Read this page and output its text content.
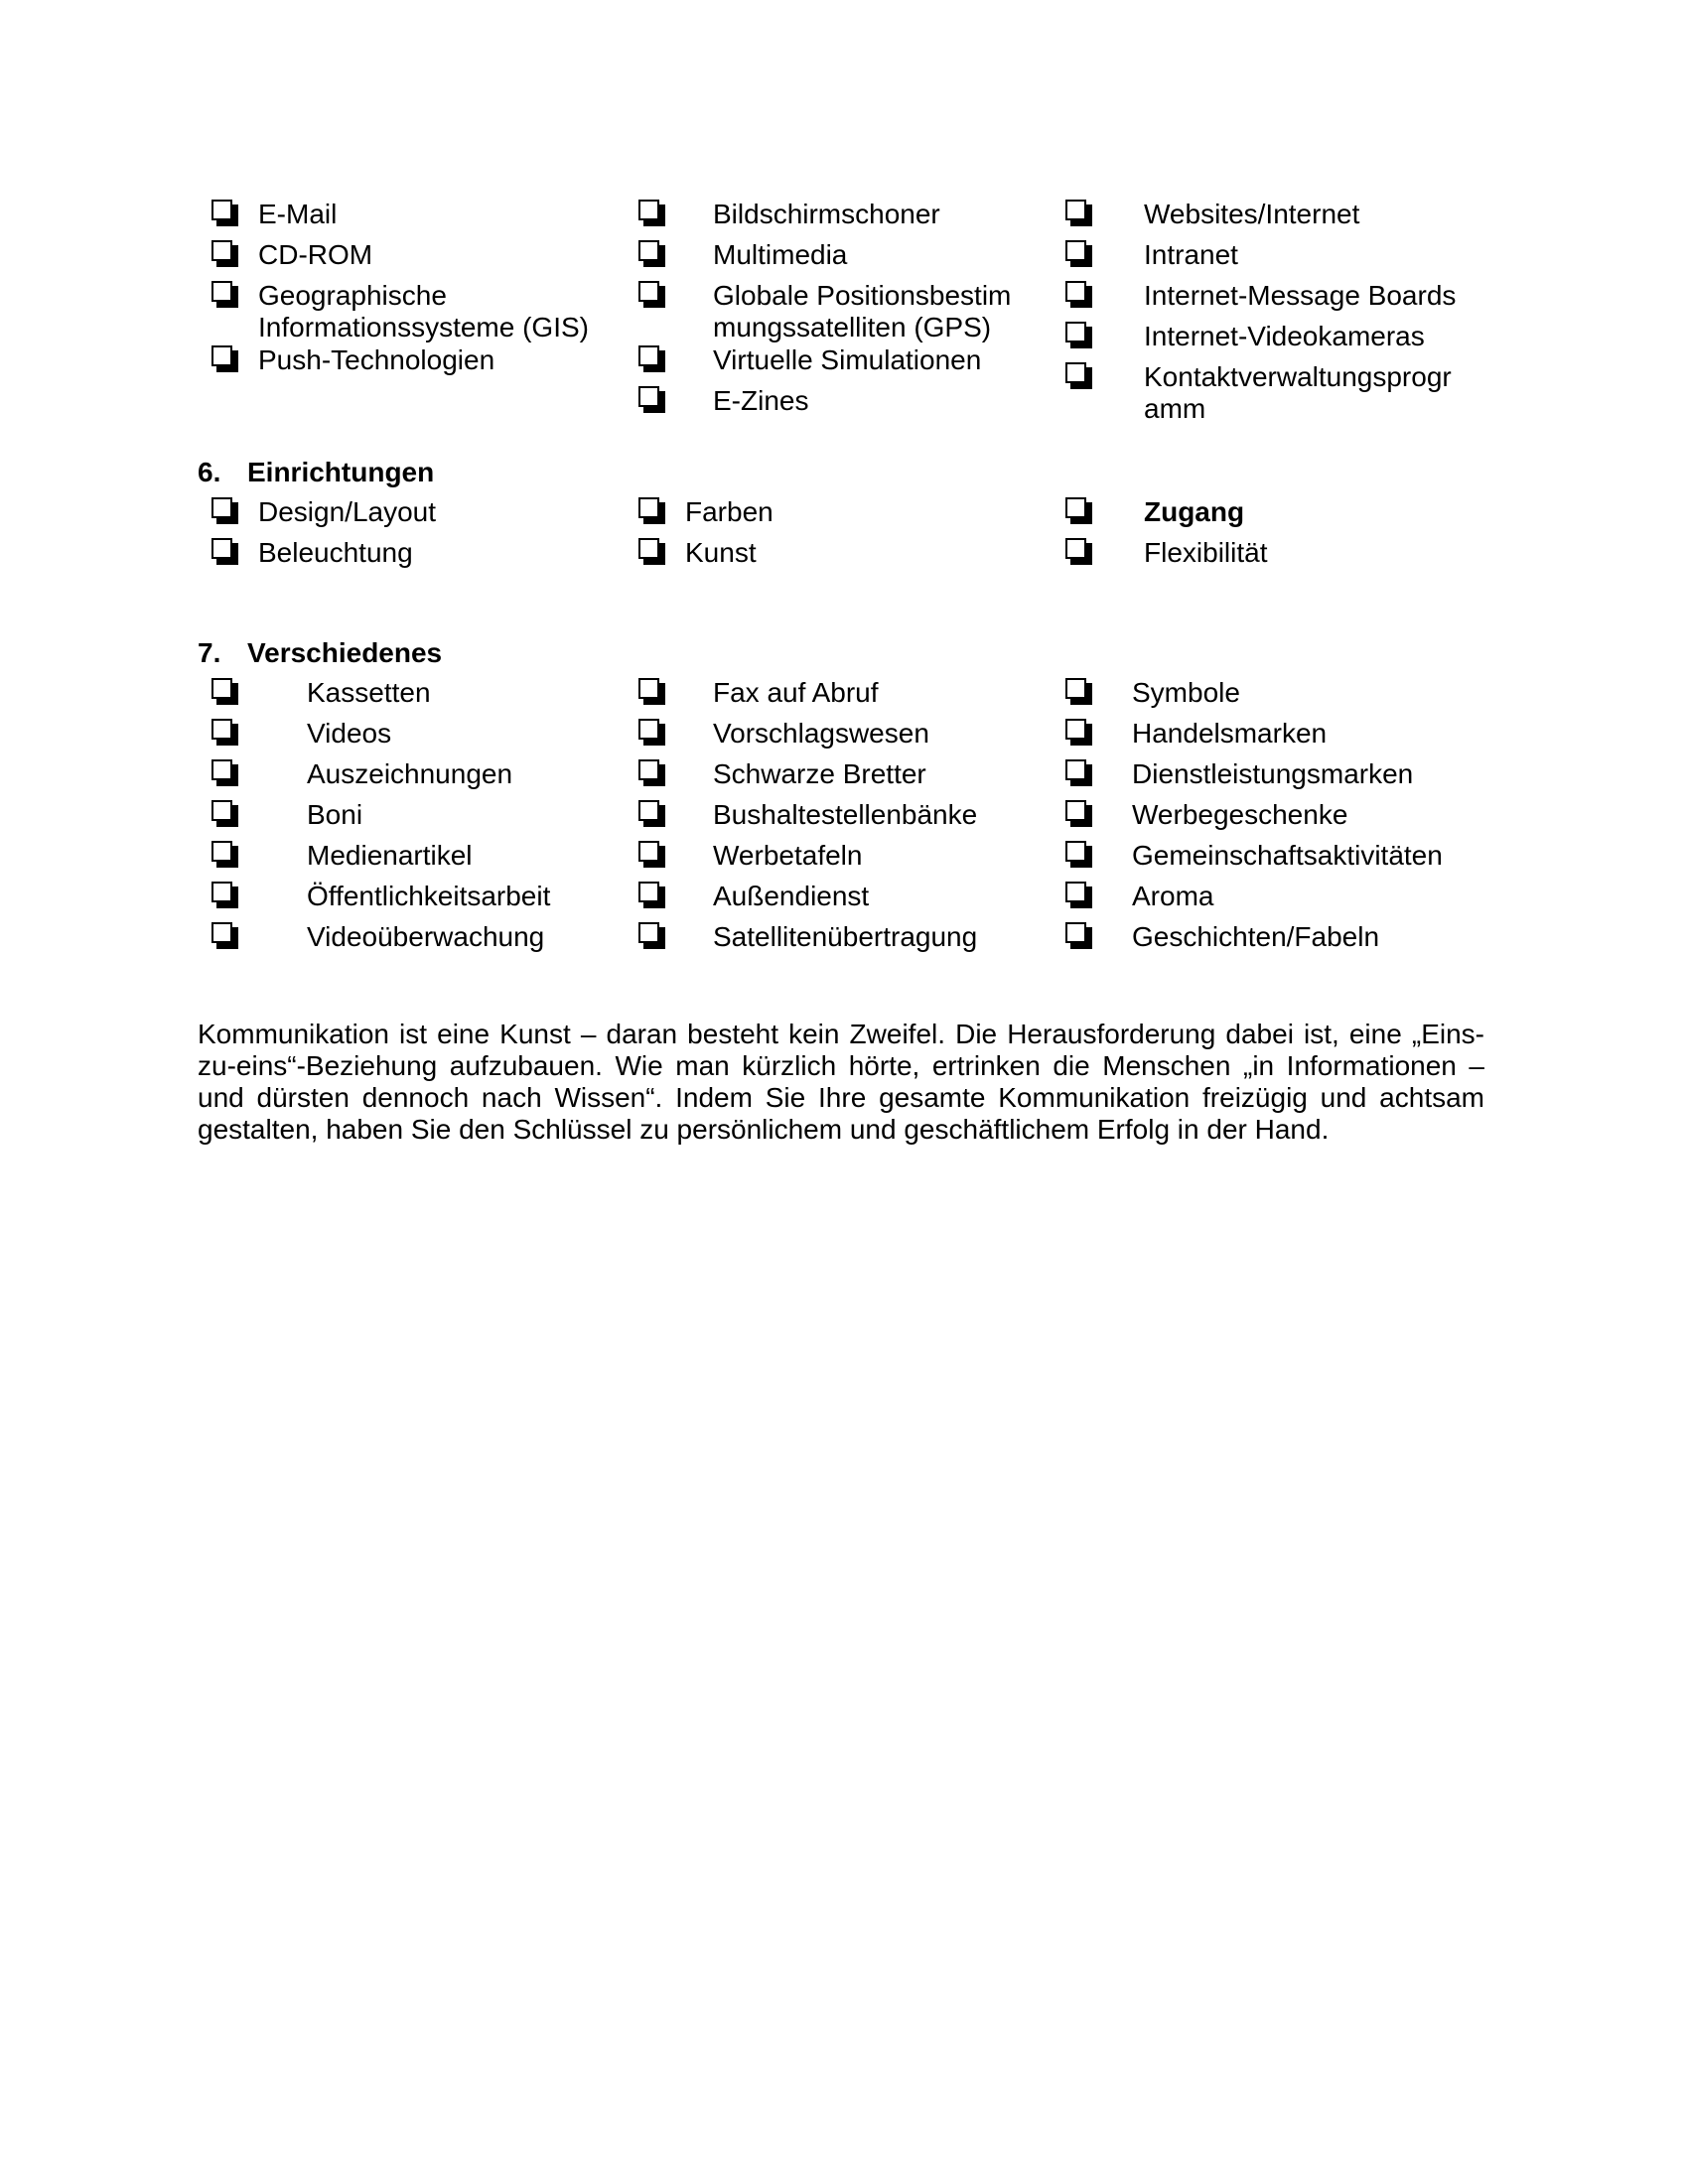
E-Mail
CD-ROM
Geographische Informationssysteme (GIS)
Push-Technologien
Bildschirmschoner
Multimedia
Globale Positionsbestimmungssatelliten (GPS)
Virtuelle Simulationen
E-Zines
Websites/Internet
Intranet
Internet-Message Boards
Internet-Videokameras
Kontaktverwaltungsprogramm
6. Einrichtungen
Design/Layout
Beleuchtung
Farben
Kunst
Zugang
Flexibilität
7. Verschiedenes
Kassetten
Videos
Auszeichnungen
Boni
Medienartikel
Öffentlichkeitsarbeit
Videoüberwachung
Fax auf Abruf
Vorschlagswesen
Schwarze Bretter
Bushaltestellenbänke
Werbetafeln
Außendienst
Satellitenübertragung
Symbole
Handelsmarken
Dienstleistungsmarken
Werbegeschenke
Gemeinschaftsaktivitäten
Aroma
Geschichten/Fabeln
Kommunikation ist eine Kunst – daran besteht kein Zweifel. Die Herausforderung dabei ist, eine „Eins-zu-eins“-Beziehung aufzubauen. Wie man kürzlich hörte, ertrinken die Menschen „in Informationen – und dürsten dennoch nach Wissen“. Indem Sie Ihre gesamte Kommunikation freizügig und achtsam gestalten, haben Sie den Schlüssel zu persönlichem und geschäftlichem Erfolg in der Hand.
